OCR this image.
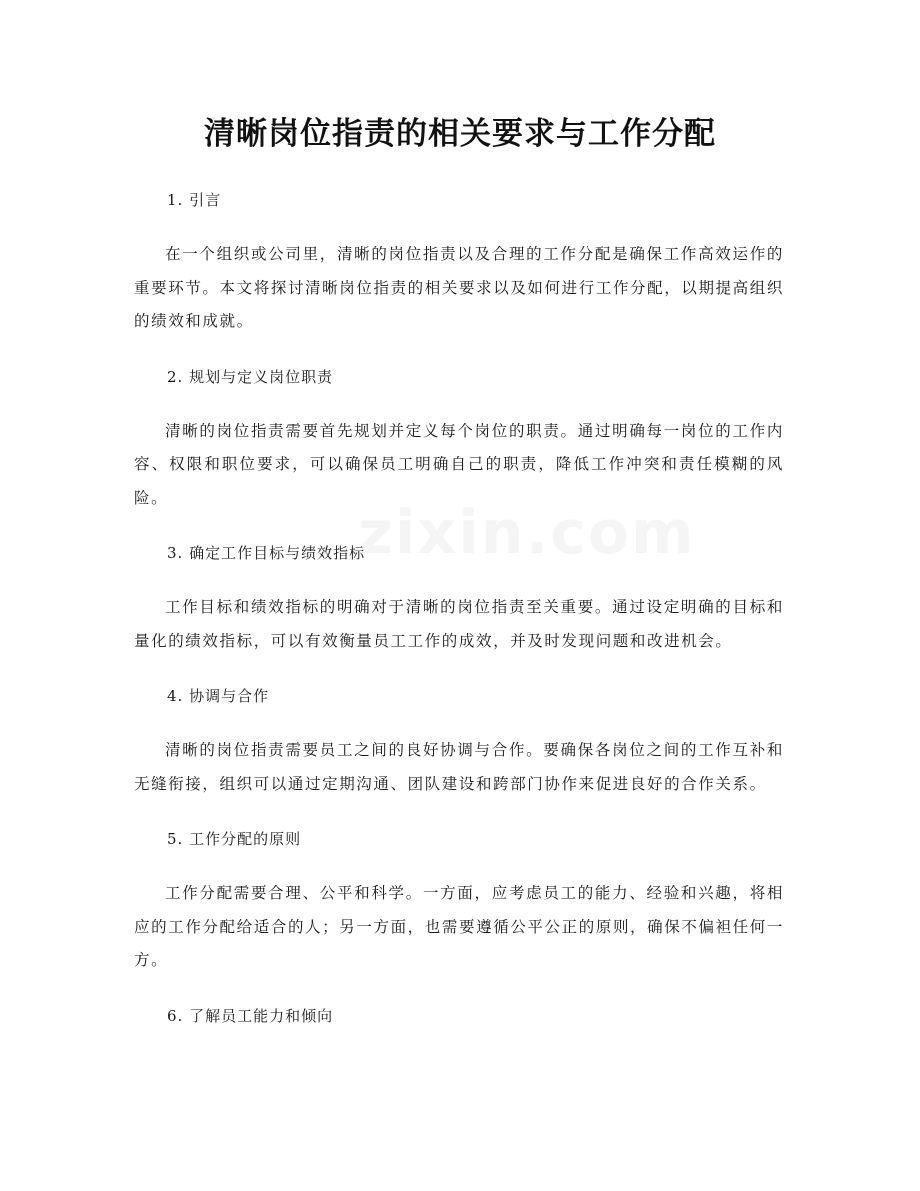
清晰岗位指责的相关要求与工作分配
zixin.com
1. 引言
在一个组织或公司里，清晰的岗位指责以及合理的工作分配是确保工作高效运作的重要环节。本文将探讨清晰岗位指责的相关要求以及如何进行工作分配，以期提高组织的绩效和成就。
2. 规划与定义岗位职责
清晰的岗位指责需要首先规划并定义每个岗位的职责。通过明确每一岗位的工作内容、权限和职位要求，可以确保员工明确自己的职责，降低工作冲突和责任模糊的风险。
3. 确定工作目标与绩效指标
工作目标和绩效指标的明确对于清晰的岗位指责至关重要。通过设定明确的目标和量化的绩效指标，可以有效衡量员工工作的成效，并及时发现问题和改进机会。
4. 协调与合作
清晰的岗位指责需要员工之间的良好协调与合作。要确保各岗位之间的工作互补和无缝衔接，组织可以通过定期沟通、团队建设和跨部门协作来促进良好的合作关系。
5. 工作分配的原则
工作分配需要合理、公平和科学。一方面，应考虑员工的能力、经验和兴趣，将相应的工作分配给适合的人；另一方面，也需要遵循公平公正的原则，确保不偏袒任何一方。
6. 了解员工能力和倾向
